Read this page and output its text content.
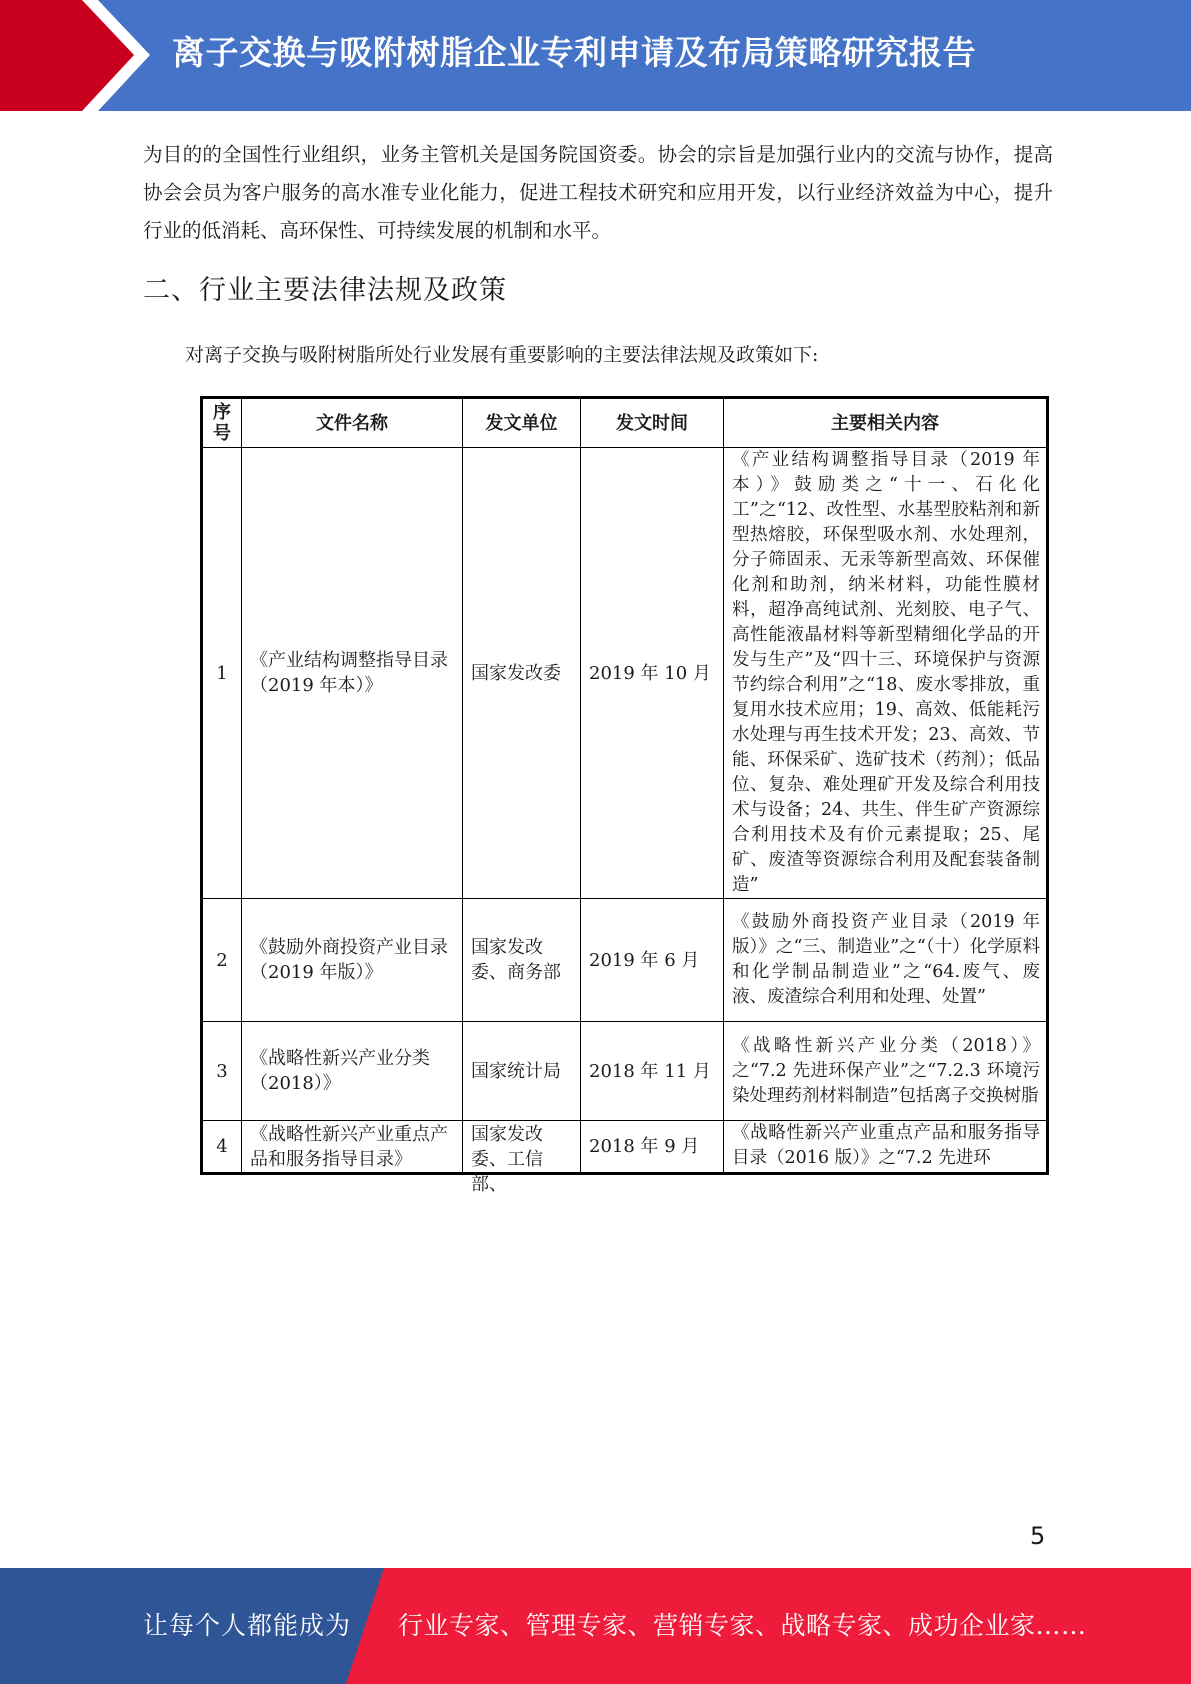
离子交换与吸附树脂企业专利申请及布局策略研究报告

为目的的全国性行业组织，业务主管机关是国务院国资委。协会的宗旨是加强行业内的交流与协作，提高协会会员为客户服务的高水准专业化能力，促进工程技术研究和应用开发，以行业经济效益为中心，提升行业的低消耗、高环保性、可持续发展的机制和水平。

二、行业主要法律法规及政策

对离子交换与吸附树脂所处行业发展有重要影响的主要法律法规及政策如下:

序号	文件名称	发文单位	发文时间	主要相关内容
1	《产业结构调整指导目录（2019 年本）》	国家发改委	2019 年 10 月	《产业结构调整指导目录（2019 年本）》鼓励类之“十一、石化化工”之“12、改性型、水基型胶粘剂和新型热熔胶，环保型吸水剂、水处理剂，分子筛固汞、无汞等新型高效、环保催化剂和助剂，纳米材料，功能性膜材料，超净高纯试剂、光刻胶、电子气、高性能液晶材料等新型精细化学品的开发与生产”及“四十三、环境保护与资源节约综合利用”之“18、废水零排放，重复用水技术应用；19、高效、低能耗污水处理与再生技术开发；23、高效、节能、环保采矿、选矿技术（药剂）；低品位、复杂、难处理矿开发及综合利用技术与设备；24、共生、伴生矿产资源综合利用技术及有价元素提取；25、尾矿、废渣等资源综合利用及配套装备制造”
2	《鼓励外商投资产业目录（2019 年版）》	国家发改委、商务部	2019 年 6 月	《鼓励外商投资产业目录（2019 年版）》之“三、制造业”之“（十）化学原料和化学制品制造业”之“64.废气、废液、废渣综合利用和处理、处置”
3	《战略性新兴产业分类（2018）》	国家统计局	2018 年 11 月	《战略性新兴产业分类（2018）》之“7.2 先进环保产业”之“7.2.3 环境污染处理药剂材料制造”包括离子交换树脂
4	《战略性新兴产业重点产品和服务指导目录》	国家发改委、工信部、	2018 年 9 月	《战略性新兴产业重点产品和服务指导目录（2016 版）》之“7.2 先进环
5
让每个人都能成为 行业专家、管理专家、营销专家、战略专家、成功企业家……
